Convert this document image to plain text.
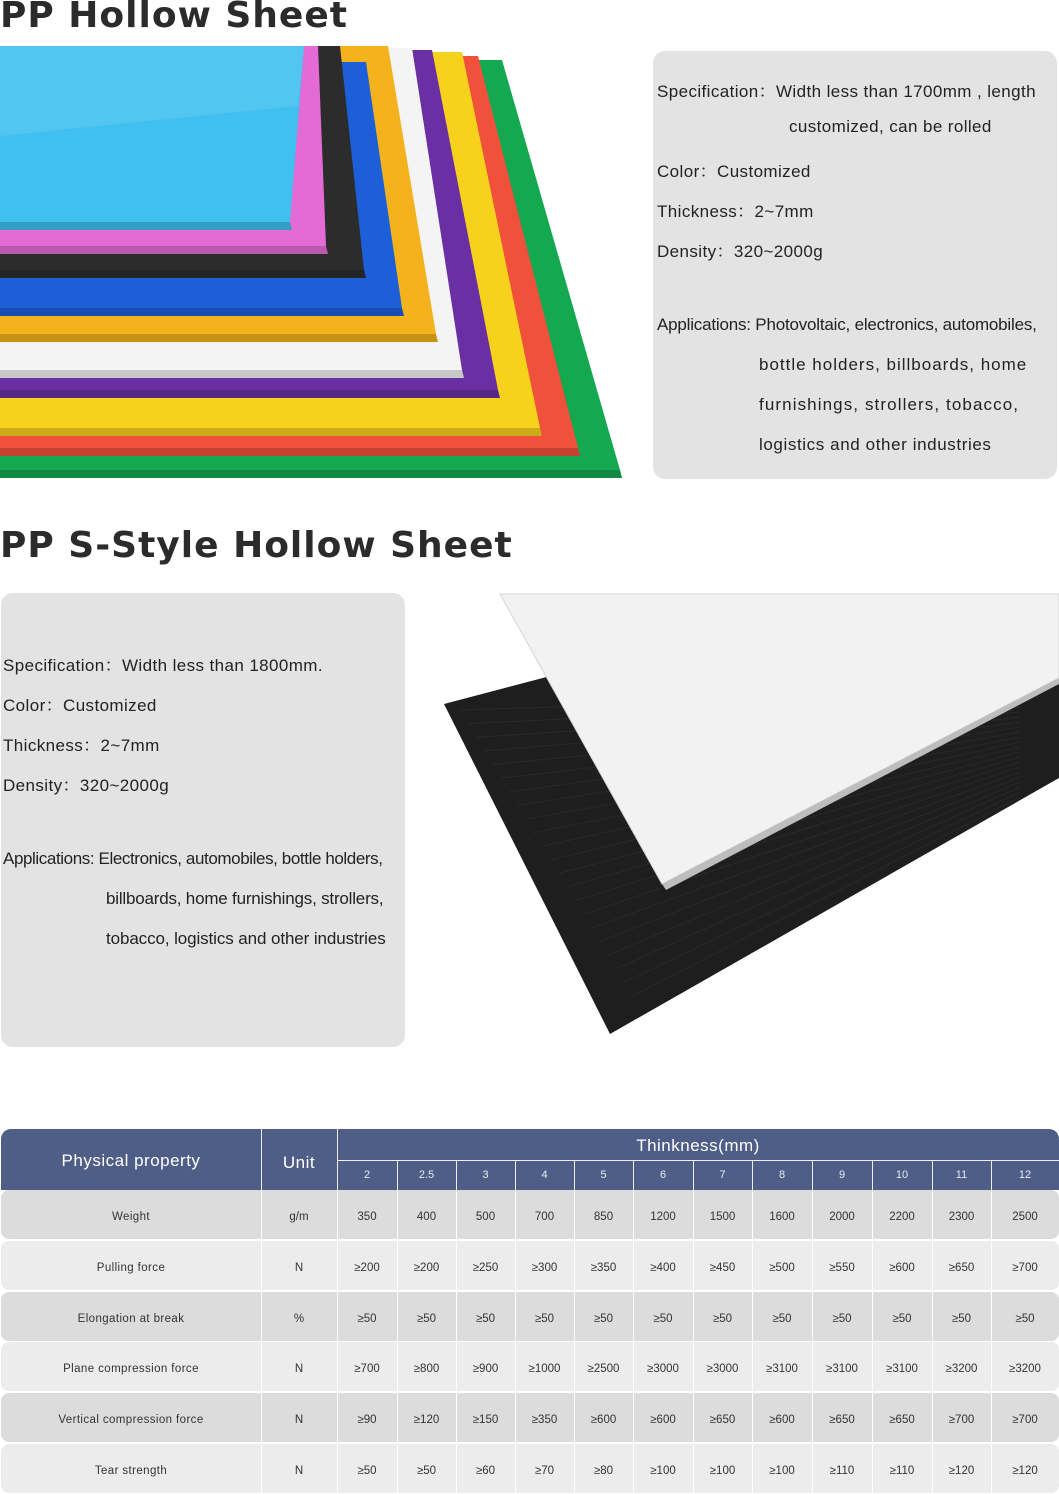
PP Hollow Sheet
Specification：Width less than 1700mm , length
customized, can be rolled
Color：Customized
Thickness：2~7mm
Density：320~2000g
Applications: Photovoltaic, electronics, automobiles,
bottle holders, billboards, home
furnishings, strollers, tobacco,
logistics and other industries
PP S-Style Hollow Sheet
Specification：Width less than 1800mm.
Color：Customized
Thickness：2~7mm
Density：320~2000g
Applications: Electronics, automobiles, bottle holders,
billboards, home furnishings, strollers,
tobacco, logistics and other industries
Physical property	Unit
Thinkness(mm)
2	2.5	3	4	5	6	7	8	9	10	11	12
Weight	g/m	350	400	500	700	850	1200	1500	1600	2000	2200	2300	2500
Pulling force	N	≥200	≥200	≥250	≥300	≥350	≥400	≥450	≥500	≥550	≥600	≥650	≥700
Elongation at break	%	≥50	≥50	≥50	≥50	≥50	≥50	≥50	≥50	≥50	≥50	≥50	≥50
Plane compression force	N	≥700	≥800	≥900	≥1000	≥2500	≥3000	≥3000	≥3100	≥3100	≥3100	≥3200	≥3200
Vertical compression force	N	≥90	≥120	≥150	≥350	≥600	≥600	≥650	≥600	≥650	≥650	≥700	≥700
Tear strength	N	≥50	≥50	≥60	≥70	≥80	≥100	≥100	≥100	≥110	≥110	≥120	≥120
